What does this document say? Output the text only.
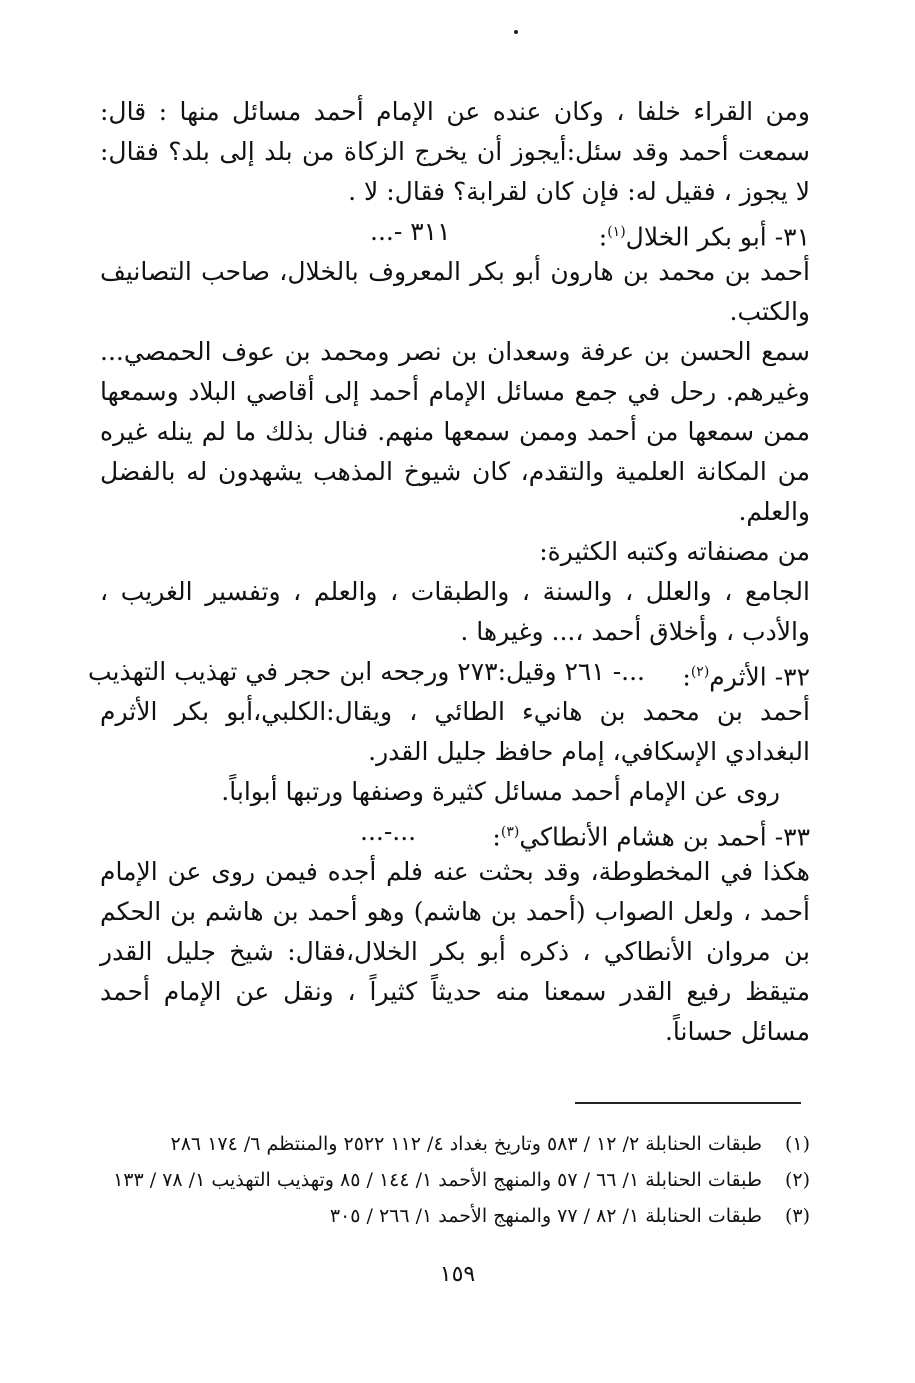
ومن القراء خلفا ، وكان عنده عن الإمام أحمد مسائل منها : قال: سمعت أحمد وقد سئل:أيجوز أن يخرج الزكاة من بلد إلى بلد؟ فقال: لا يجوز ، فقيل له: فإن كان لقرابة؟ فقال: لا .

٣١- أبو بكر الخلال$^{(١)}$:
...- ٣١١

أحمد بن محمد بن هارون أبو بكر المعروف بالخلال، صاحب التصانيف والكتب.

سمع الحسن بن عرفة وسعدان بن نصر ومحمد بن عوف الحمصي... وغيرهم. رحل في جمع مسائل الإمام أحمد إلى أقاصي البلاد وسمعها ممن سمعها من أحمد وممن سمعها منهم. فنال بذلك ما لم ينله غيره من المكانة العلمية والتقدم، كان شيوخ المذهب يشهدون له بالفضل والعلم.

من مصنفاته وكتبه الكثيرة:

الجامع ، والعلل ، والسنة ، والطبقات ، والعلم ، وتفسير الغريب ، والأدب ، وأخلاق أحمد ،... وغيرها .

٣٢- الأثرم$^{(٢)}$:
...- ٢٦١ وقيل:٢٧٣ ورجحه ابن حجر في تهذيب التهذيب

أحمد بن محمد بن هانيء الطائي ، ويقال:الكلبي،أبو بكر الأثرم البغدادي الإسكافي، إمام حافظ جليل القدر.

روى عن الإمام أحمد مسائل كثيرة وصنفها ورتبها أبواباً.

٣٣- أحمد بن هشام الأنطاكي$^{(٣)}$:
...-...

هكذا في المخطوطة، وقد بحثت عنه فلم أجده فيمن روى عن الإمام أحمد ، ولعل الصواب (أحمد بن هاشم) وهو أحمد بن هاشم بن الحكم بن مروان الأنطاكي ، ذكره أبو بكر الخلال،فقال: شيخ جليل القدر متيقظ رفيع القدر سمعنا منه حديثاً كثيراً ، ونقل عن الإمام أحمد مسائل حساناً.

(١)
طبقات الحنابلة ٢/ ١٢ / ٥٨٣ وتاريخ بغداد ٤/ ١١٢ ٢٥٢٢ والمنتظم ٦/ ١٧٤ ٢٨٦
(٢)
طبقات الحنابلة ١/ ٦٦ / ٥٧ والمنهج الأحمد ١/ ١٤٤ / ٨٥ وتهذيب التهذيب ١/ ٧٨ / ١٣٣
(٣)
طبقات الحنابلة ١/ ٨٢ / ٧٧ والمنهج الأحمد ١/ ٢٦٦ / ٣٠٥
١٥٩
